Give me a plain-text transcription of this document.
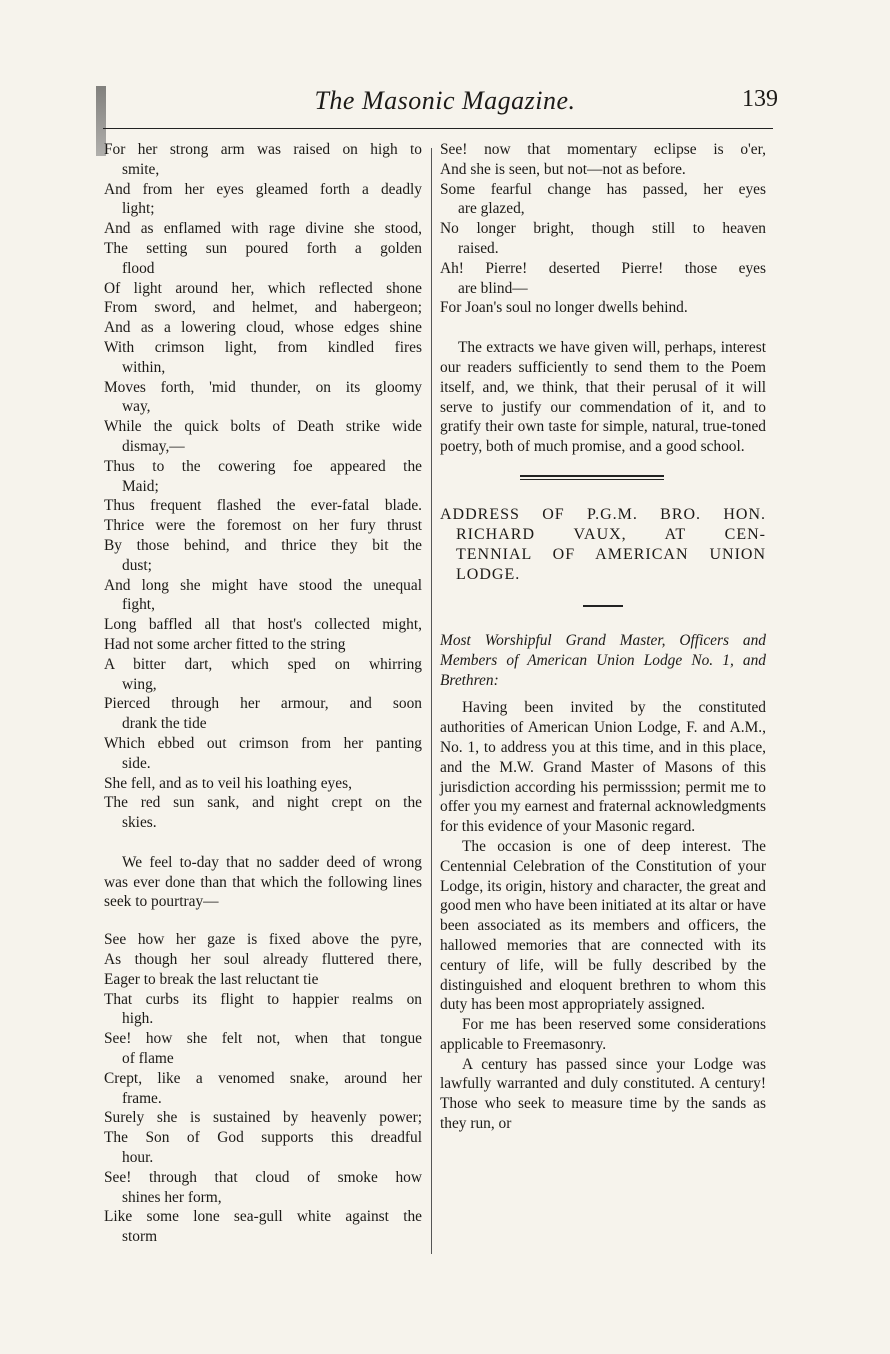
The Masonic Magazine.	139
For her strong arm was raised on high to
smite,
And from her eyes gleamed forth a deadly
light;
And as enflamed with rage divine she stood,
The setting sun poured forth a golden
flood
Of light around her, which reflected shone
From sword, and helmet, and habergeon;
And as a lowering cloud, whose edges shine
With crimson light, from kindled fires
within,
Moves forth, 'mid thunder, on its gloomy
way,
While the quick bolts of Death strike wide
dismay,—
Thus to the cowering foe appeared the
Maid;
Thus frequent flashed the ever-fatal blade.
Thrice were the foremost on her fury thrust
By those behind, and thrice they bit the
dust;
And long she might have stood the unequal
fight,
Long baffled all that host's collected might,
Had not some archer fitted to the string
A bitter dart, which sped on whirring
wing,
Pierced through her armour, and soon
drank the tide
Which ebbed out crimson from her panting
side.
She fell, and as to veil his loathing eyes,
The red sun sank, and night crept on the
skies.

We feel to-day that no sadder deed of wrong was ever done than that which the following lines seek to pourtray—

See how her gaze is fixed above the pyre,
As though her soul already fluttered there,
Eager to break the last reluctant tie
That curbs its flight to happier realms on
high.
See! how she felt not, when that tongue
of flame
Crept, like a venomed snake, around her
frame.
Surely she is sustained by heavenly power;
The Son of God supports this dreadful
hour.
See! through that cloud of smoke how
shines her form,
Like some lone sea-gull white against the
storm
See! now that momentary eclipse is o'er,
And she is seen, but not—not as before.
Some fearful change has passed, her eyes
are glazed,
No longer bright, though still to heaven
raised.
Ah! Pierre! deserted Pierre! those eyes
are blind—
For Joan's soul no longer dwells behind.

The extracts we have given will, perhaps, interest our readers sufficiently to send them to the Poem itself, and, we think, that their perusal of it will serve to justify our commendation of it, and to gratify their own taste for simple, natural, true-toned poetry, both of much promise, and a good school.

ADDRESS OF P.G.M. BRO. HON.
RICHARD VAUX, AT CEN-
TENNIAL OF AMERICAN UNION
LODGE.

Most Worshipful Grand Master, Officers and Members of American Union Lodge No. 1, and Brethren:

Having been invited by the constituted authorities of American Union Lodge, F. and A.M., No. 1, to address you at this time, and in this place, and the M.W. Grand Master of Masons of this jurisdiction according his permisssion; permit me to offer you my earnest and fraternal acknowledgments for this evidence of your Masonic regard.

The occasion is one of deep interest. The Centennial Celebration of the Constitution of your Lodge, its origin, history and character, the great and good men who have been initiated at its altar or have been associated as its members and officers, the hallowed memories that are connected with its century of life, will be fully described by the distinguished and eloquent brethren to whom this duty has been most appropriately assigned.

For me has been reserved some considerations applicable to Freemasonry.

A century has passed since your Lodge was lawfully warranted and duly constituted. A century! Those who seek to measure time by the sands as they run, or
